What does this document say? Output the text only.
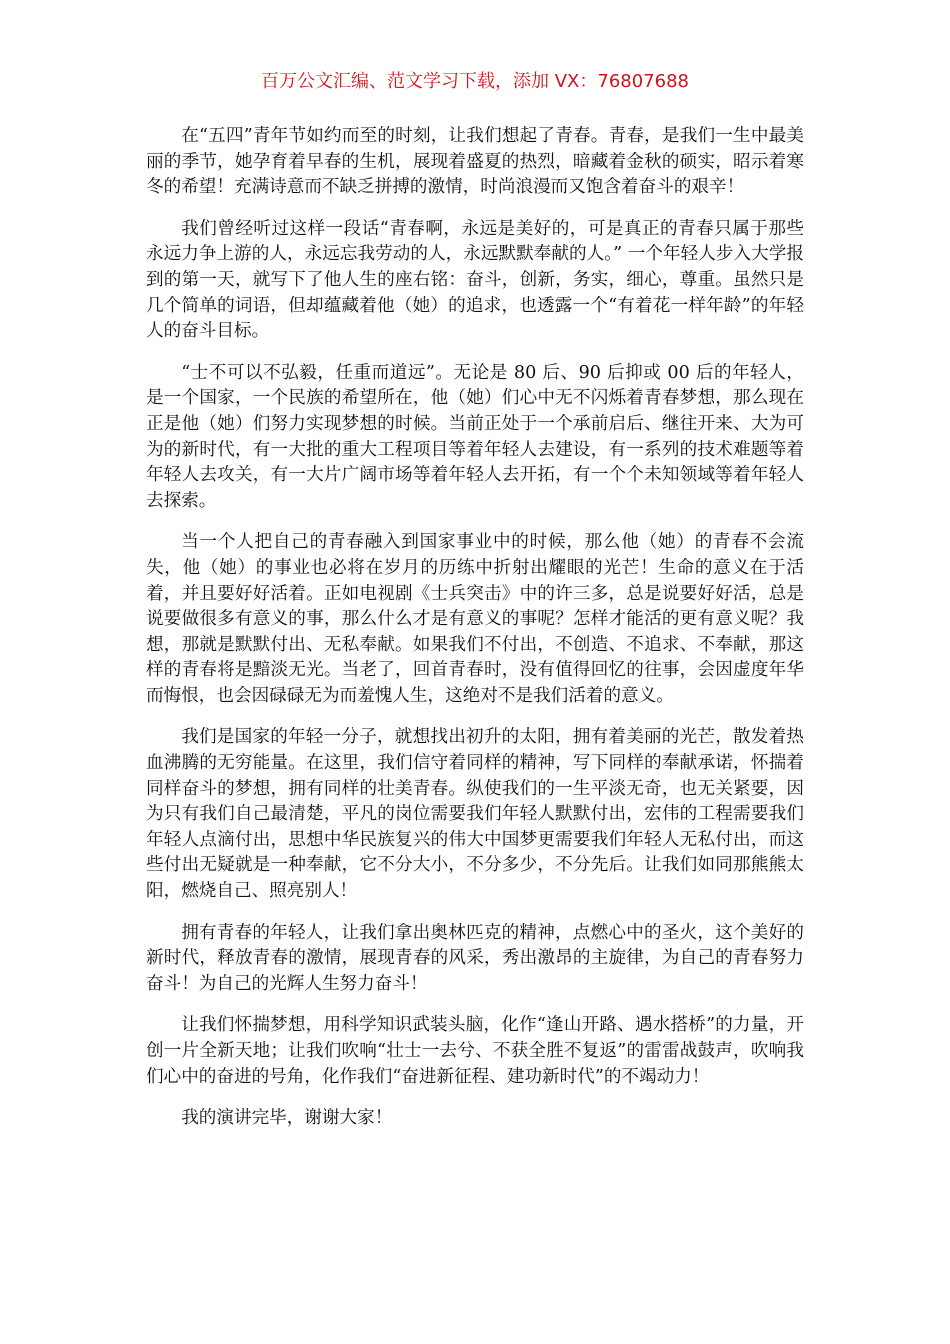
百万公文汇编、范文学习下载，添加 VX：76807688

在“五四”青年节如约而至的时刻，让我们想起了青春。青春，是我们一生中最美丽的季节，她孕育着早春的生机，展现着盛夏的热烈，暗藏着金秋的硕实，昭示着寒冬的希望！充满诗意而不缺乏拼搏的激情，时尚浪漫而又饱含着奋斗的艰辛！

我们曾经听过这样一段话“青春啊，永远是美好的，可是真正的青春只属于那些永远力争上游的人，永远忘我劳动的人，永远默默奉献的人。” 一个年轻人步入大学报到的第一天，就写下了他人生的座右铭：奋斗，创新，务实，细心，尊重。虽然只是几个简单的词语，但却蕴藏着他（她）的追求，也透露一个“有着花一样年龄”的年轻人的奋斗目标。

“士不可以不弘毅，任重而道远”。无论是 80 后、90 后抑或 00 后的年轻人，是一个国家，一个民族的希望所在，他（她）们心中无不闪烁着青春梦想，那么现在正是他（她）们努力实现梦想的时候。当前正处于一个承前启后、继往开来、大为可为的新时代，有一大批的重大工程项目等着年轻人去建设，有一系列的技术难题等着年轻人去攻关，有一大片广阔市场等着年轻人去开拓，有一个个未知领域等着年轻人去探索。

当一个人把自己的青春融入到国家事业中的时候，那么他（她）的青春不会流失，他（她）的事业也必将在岁月的历练中折射出耀眼的光芒！生命的意义在于活着，并且要好好活着。正如电视剧《士兵突击》中的许三多，总是说要好好活，总是说要做很多有意义的事，那么什么才是有意义的事呢？怎样才能活的更有意义呢？我想，那就是默默付出、无私奉献。如果我们不付出，不创造、不追求、不奉献，那这样的青春将是黯淡无光。当老了，回首青春时，没有值得回忆的往事，会因虚度年华而悔恨，也会因碌碌无为而羞愧人生，这绝对不是我们活着的意义。

我们是国家的年轻一分子，就想找出初升的太阳，拥有着美丽的光芒，散发着热血沸腾的无穷能量。在这里，我们信守着同样的精神，写下同样的奉献承诺，怀揣着同样奋斗的梦想，拥有同样的壮美青春。纵使我们的一生平淡无奇，也无关紧要，因为只有我们自己最清楚，平凡的岗位需要我们年轻人默默付出，宏伟的工程需要我们年轻人点滴付出，思想中华民族复兴的伟大中国梦更需要我们年轻人无私付出，而这些付出无疑就是一种奉献，它不分大小，不分多少，不分先后。让我们如同那熊熊太阳，燃烧自己、照亮别人！

拥有青春的年轻人，让我们拿出奥林匹克的精神，点燃心中的圣火，这个美好的新时代，释放青春的激情，展现青春的风采，秀出激昂的主旋律，为自己的青春努力奋斗！为自己的光辉人生努力奋斗！

让我们怀揣梦想，用科学知识武装头脑，化作“逢山开路、遇水搭桥”的力量，开创一片全新天地；让我们吹响“壮士一去兮、不获全胜不复返”的雷雷战鼓声，吹响我们心中的奋进的号角，化作我们“奋进新征程、建功新时代”的不竭动力！

我的演讲完毕，谢谢大家！
